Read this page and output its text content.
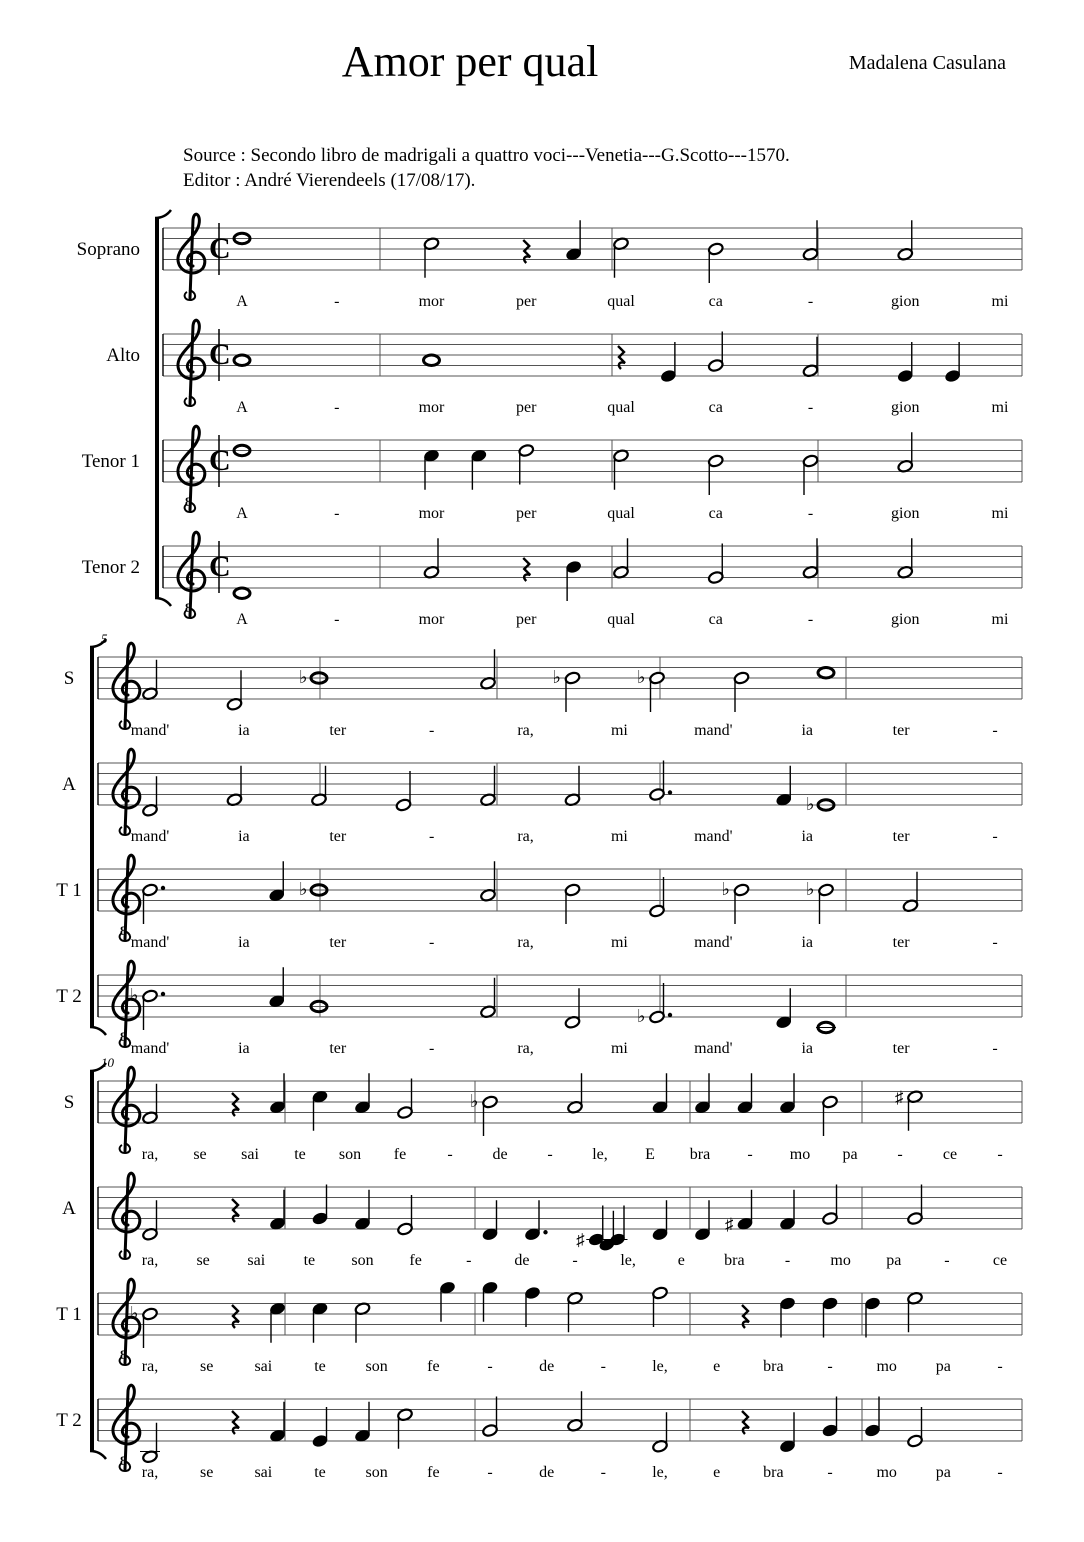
Amor per qual	Madalena Casulana
Source : Secondo libro de madrigali a quattro voci---Venetia---G.Scotto---1570.
Editor : André Vierendeels (17/08/17).
Soprano C
A	-	mor	per	qual	ca	-	gion	mi
Alto C
A	-	mor	per	qual	ca	-	gion	mi
Tenor 1
8
C
A	-	mor	per	qual	ca	-	gion	mi
Tenor 2
8
C
A	-	mor	per	qual	ca	-	gion	mi
5
S	♭	♭	♭
mand'	ia	ter	-	ra,	mi	mand'	ia	ter	-
A
♭
mand'	ia	ter	-	ra,	mi	mand'	ia	ter	-
T 1
8
♭	♭	♭
mand'	ia	ter	-	ra,	mi	mand'	ia	ter	-
T 2
8
♭
♭
mand'	ia	ter	-	ra,	mi	mand'	ia	ter	-
10
S	♭	♯
ra, se sai te son fe	- de - le, E bra - mo pa -	ce	-
A
♯
♯
ra, se sai te son fe	-	de	-	le,	e bra	-	mo pa	-	ce
T 1
8
♭
ra,	se	sai	te son fe	-	de	-	le,	e	bra	-	mo pa	-
T 2
8
ra,	se	sai	te son fe	-	de	-	le,	e	bra	-	mo pa	-
